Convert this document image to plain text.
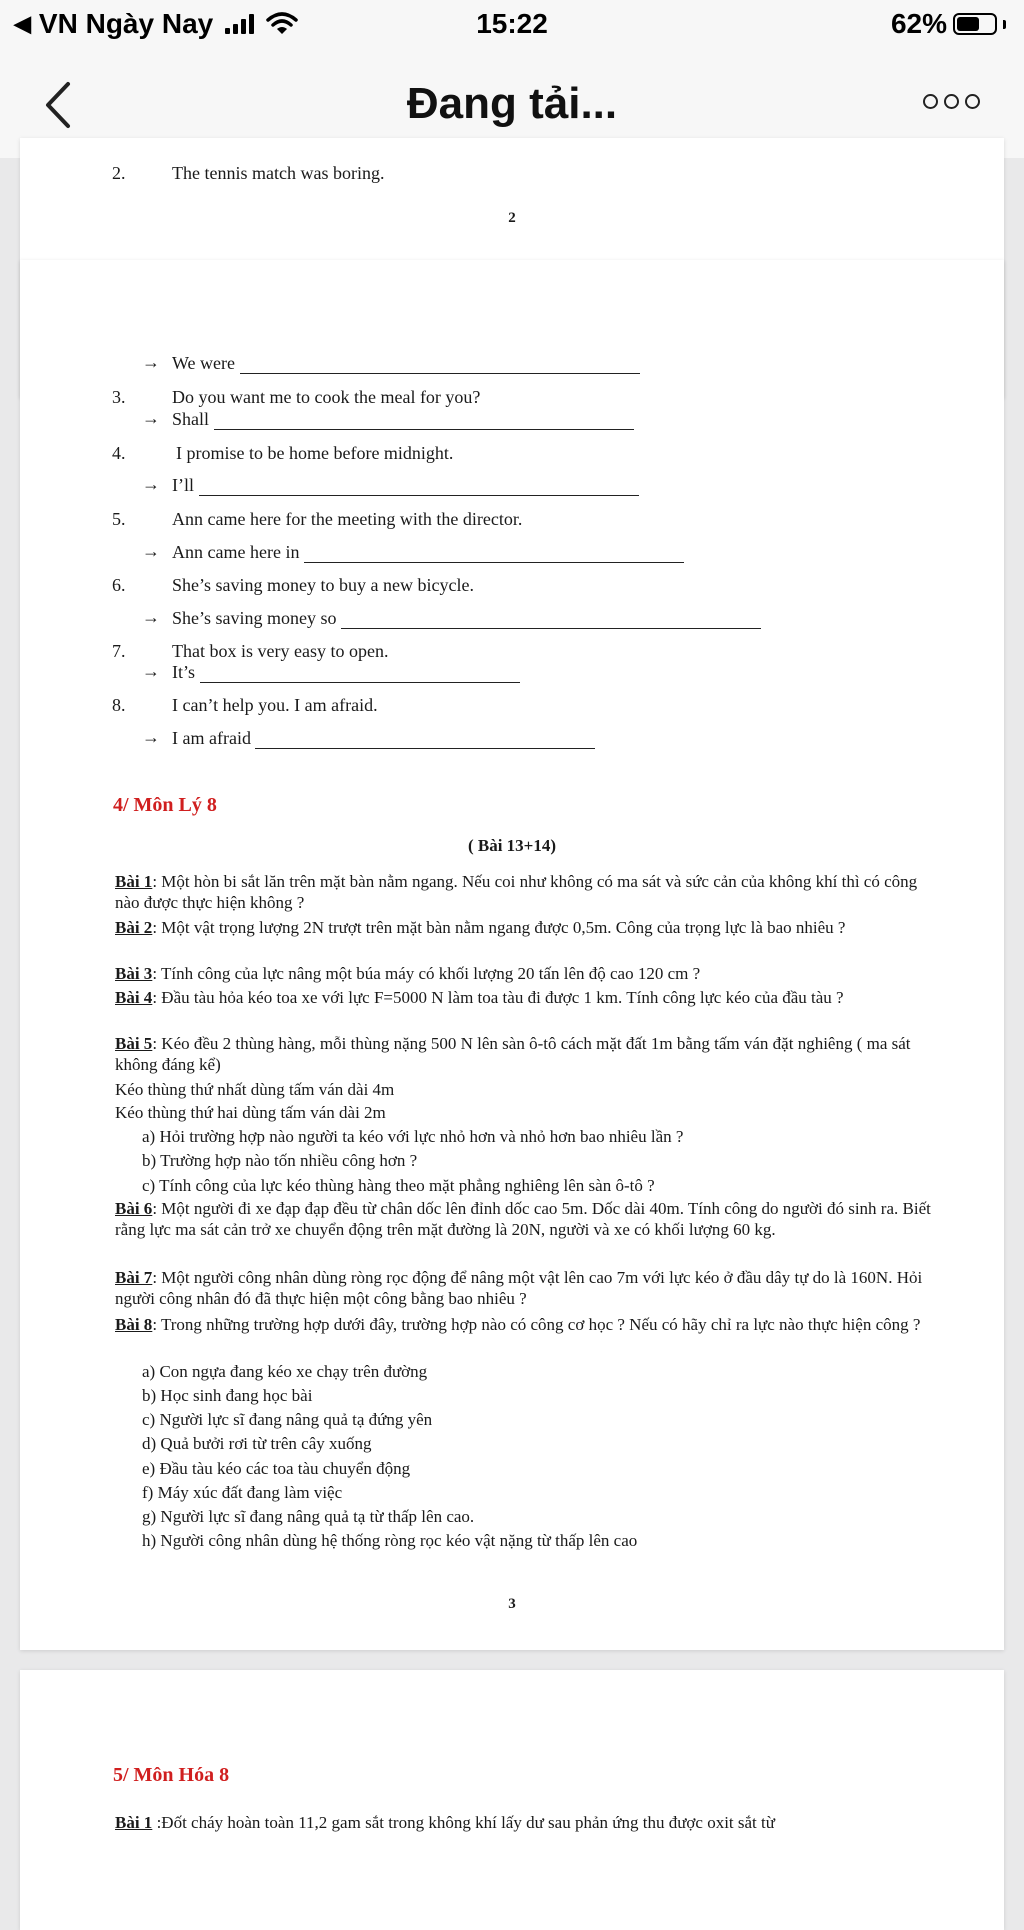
◀ VN Ngày Nay	15:22	62%
Đang tải...
2.	The tennis match was boring.
2
→ We were
3.	Do you want me to cook the meal for you?
→ Shall
4.	I promise to be home before midnight.
→ I’ll
5.	Ann came here for the meeting with the director.
→ Ann came here in
6.	She’s saving money to buy a new bicycle.
→ She’s saving money so
7.	That box is very easy to open.
→ It’s
8.	I can’t help you. I am afraid.
→ I am afraid
4/ Môn Lý 8
( Bài 13+14)
Bài 1: Một hòn bi sắt lăn trên mặt bàn nằm ngang. Nếu coi như không có ma sát và sức cản của không khí thì có công nào được thực hiện không ?
Bài 2: Một vật trọng lượng 2N trượt trên mặt bàn nằm ngang được 0,5m. Công của trọng lực là bao nhiêu ?
Bài 3: Tính công của lực nâng một búa máy có khối lượng 20 tấn lên độ cao 120 cm ?
Bài 4: Đầu tàu hỏa kéo toa xe với lực F=5000 N làm toa tàu đi được 1 km. Tính công lực kéo của đầu tàu ?
Bài 5: Kéo đều 2 thùng hàng, mỗi thùng nặng 500 N lên sàn ô-tô cách mặt đất 1m bằng tấm ván đặt nghiêng ( ma sát không đáng kể)
Kéo thùng thứ nhất dùng tấm ván dài 4m
Kéo thùng thứ hai dùng tấm ván dài 2m
a) Hỏi trường hợp nào người ta kéo với lực nhỏ hơn và nhỏ hơn bao nhiêu lần ?
b) Trường hợp nào tốn nhiều công hơn ?
c) Tính công của lực kéo thùng hàng theo mặt phẳng nghiêng lên sàn ô-tô ?
Bài 6: Một người đi xe đạp đạp đều từ chân dốc lên đỉnh dốc cao 5m. Dốc dài 40m. Tính công do người đó sinh ra. Biết rằng lực ma sát cản trở xe chuyển động trên mặt đường là 20N, người và xe có khối lượng 60 kg.
Bài 7: Một người công nhân dùng ròng rọc động để nâng một vật lên cao 7m với lực kéo ở đầu dây tự do là 160N. Hỏi người công nhân đó đã thực hiện một công bằng bao nhiêu ?
Bài 8: Trong những trường hợp dưới đây, trường hợp nào có công cơ học ? Nếu có hãy chỉ ra lực nào thực hiện công ?
a) Con ngựa đang kéo xe chạy trên đường
b) Học sinh đang học bài
c) Người lực sĩ đang nâng quả tạ đứng yên
d) Quả bưởi rơi từ trên cây xuống
e) Đầu tàu kéo các toa tàu chuyển động
f) Máy xúc đất đang làm việc
g) Người lực sĩ đang nâng quả tạ từ thấp lên cao.
h) Người công nhân dùng hệ thống ròng rọc kéo vật nặng từ thấp lên cao
3
5/ Môn Hóa 8
Bài 1 :Đốt cháy hoàn toàn 11,2 gam sắt trong không khí lấy dư sau phản ứng thu được oxit sắt từ
